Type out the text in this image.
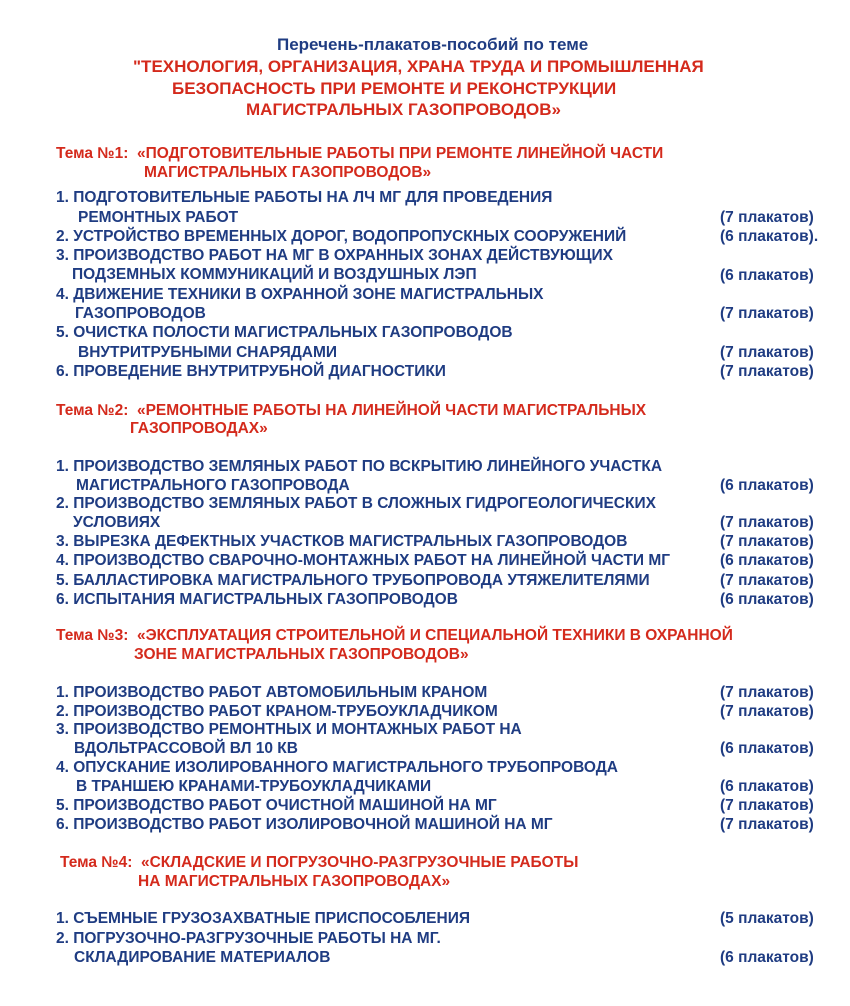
Перечень-плакатов-пособий по теме
"ТЕХНОЛОГИЯ, ОРГАНИЗАЦИЯ, ХРАНА ТРУДА И ПРОМЫШЛЕННАЯ
БЕЗОПАСНОСТЬ ПРИ РЕМОНТЕ И РЕКОНСТРУКЦИИ
МАГИСТРАЛЬНЫХ ГАЗОПРОВОДОВ»
Тема №1:  «ПОДГОТОВИТЕЛЬНЫЕ РАБОТЫ ПРИ РЕМОНТЕ ЛИНЕЙНОЙ ЧАСТИ
МАГИСТРАЛЬНЫХ ГАЗОПРОВОДОВ»
1. ПОДГОТОВИТЕЛЬНЫЕ РАБОТЫ НА ЛЧ МГ ДЛЯ ПРОВЕДЕНИЯ
РЕМОНТНЫХ РАБОТ	(7 плакатов)
2. УСТРОЙСТВО ВРЕМЕННЫХ ДОРОГ, ВОДОПРОПУСКНЫХ СООРУЖЕНИЙ	(6 плакатов).
3. ПРОИЗВОДСТВО РАБОТ НА МГ В ОХРАННЫХ ЗОНАХ ДЕЙСТВУЮЩИХ
ПОДЗЕМНЫХ КОММУНИКАЦИЙ И ВОЗДУШНЫХ ЛЭП	(6 плакатов)
4. ДВИЖЕНИЕ ТЕХНИКИ В ОХРАННОЙ ЗОНЕ МАГИСТРАЛЬНЫХ
ГАЗОПРОВОДОВ	(7 плакатов)
5. ОЧИСТКА ПОЛОСТИ МАГИСТРАЛЬНЫХ ГАЗОПРОВОДОВ
ВНУТРИТРУБНЫМИ СНАРЯДАМИ	(7 плакатов)
6. ПРОВЕДЕНИЕ ВНУТРИТРУБНОЙ ДИАГНОСТИКИ	(7 плакатов)
Тема №2:  «РЕМОНТНЫЕ РАБОТЫ НА ЛИНЕЙНОЙ ЧАСТИ МАГИСТРАЛЬНЫХ
ГАЗОПРОВОДАХ»
1. ПРОИЗВОДСТВО ЗЕМЛЯНЫХ РАБОТ ПО ВСКРЫТИЮ ЛИНЕЙНОГО УЧАСТКА
МАГИСТРАЛЬНОГО ГАЗОПРОВОДА	(6 плакатов)
2. ПРОИЗВОДСТВО ЗЕМЛЯНЫХ РАБОТ В СЛОЖНЫХ ГИДРОГЕОЛОГИЧЕСКИХ
УСЛОВИЯХ	(7 плакатов)
3. ВЫРЕЗКА ДЕФЕКТНЫХ УЧАСТКОВ МАГИСТРАЛЬНЫХ ГАЗОПРОВОДОВ	(7 плакатов)
4. ПРОИЗВОДСТВО СВАРОЧНО-МОНТАЖНЫХ РАБОТ НА ЛИНЕЙНОЙ ЧАСТИ МГ	(6 плакатов)
5. БАЛЛАСТИРОВКА МАГИСТРАЛЬНОГО ТРУБОПРОВОДА УТЯЖЕЛИТЕЛЯМИ	(7 плакатов)
6. ИСПЫТАНИЯ МАГИСТРАЛЬНЫХ ГАЗОПРОВОДОВ	(6 плакатов)
Тема №3:  «ЭКСПЛУАТАЦИЯ СТРОИТЕЛЬНОЙ И СПЕЦИАЛЬНОЙ ТЕХНИКИ В ОХРАННОЙ
ЗОНЕ МАГИСТРАЛЬНЫХ ГАЗОПРОВОДОВ»
1. ПРОИЗВОДСТВО РАБОТ АВТОМОБИЛЬНЫМ КРАНОМ	(7 плакатов)
2. ПРОИЗВОДСТВО РАБОТ КРАНОМ-ТРУБОУКЛАДЧИКОМ	(7 плакатов)
3. ПРОИЗВОДСТВО РЕМОНТНЫХ И МОНТАЖНЫХ РАБОТ НА
ВДОЛЬТРАССОВОЙ ВЛ 10 КВ	(6 плакатов)
4. ОПУСКАНИЕ ИЗОЛИРОВАННОГО МАГИСТРАЛЬНОГО ТРУБОПРОВОДА
В ТРАНШЕЮ КРАНАМИ-ТРУБОУКЛАДЧИКАМИ	(6 плакатов)
5. ПРОИЗВОДСТВО РАБОТ ОЧИСТНОЙ МАШИНОЙ НА МГ	(7 плакатов)
6. ПРОИЗВОДСТВО РАБОТ ИЗОЛИРОВОЧНОЙ МАШИНОЙ НА МГ	(7 плакатов)
Тема №4:  «СКЛАДСКИЕ И ПОГРУЗОЧНО-РАЗГРУЗОЧНЫЕ РАБОТЫ
НА МАГИСТРАЛЬНЫХ ГАЗОПРОВОДАХ»
1. СЪЕМНЫЕ ГРУЗОЗАХВАТНЫЕ ПРИСПОСОБЛЕНИЯ	(5 плакатов)
2. ПОГРУЗОЧНО-РАЗГРУЗОЧНЫЕ РАБОТЫ НА МГ.
СКЛАДИРОВАНИЕ МАТЕРИАЛОВ	(6 плакатов)
